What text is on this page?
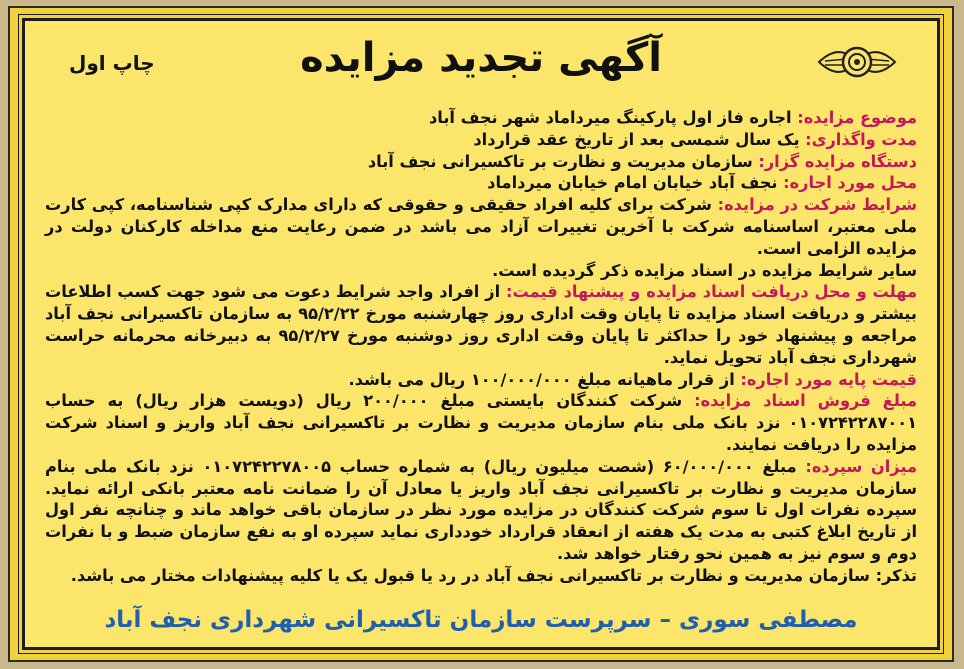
چاپ اول	آگهی تجدید مزایده

موضوع مزایده: اجاره فاز اول پارکینگ میرداماد شهر نجف آباد

مدت واگذاری: یک سال شمسی بعد از تاریخ عقد قرارداد

دستگاه مزایده گزار: سازمان مدیریت و نظارت بر تاکسیرانی نجف آباد

محل مورد اجاره: نجف آباد خیابان امام خیابان میرداماد

شرایط شرکت در مزایده: شرکت برای کلیه افراد حقیقی و حقوقی که دارای مدارک کپی شناسنامه، کپی کارت ملی معتبر، اساسنامه شرکت با آخرین تغییرات آزاد می باشد در ضمن رعایت منع مداخله کارکنان دولت در مزایده الزامی است.

سایر شرایط مزایده در اسناد مزایده ذکر گردیده است.

مهلت و محل دریافت اسناد مزایده و پیشنهاد قیمت: از افراد واجد شرایط دعوت می شود جهت کسب اطلاعات بیشتر و دریافت اسناد مزایده تا پایان وقت اداری روز چهارشنبه مورخ ۹۵/۲/۲۲ به سازمان تاکسیرانی نجف آباد مراجعه و پیشنهاد خود را حداکثر تا پایان وقت اداری روز دوشنبه مورخ ۹۵/۲/۲۷ به دبیرخانه محرمانه حراست شهرداری نجف آباد تحویل نماید.

قیمت پایه مورد اجاره: از قرار ماهیانه مبلغ ۱۰۰/۰۰۰/۰۰۰ ریال می باشد.

مبلغ فروش اسناد مزایده: شرکت کنندگان بایستی مبلغ ۲۰۰/۰۰۰ ریال (دویست هزار ریال) به حساب ۰۱۰۷۲۴۲۲۸۷۰۰۱ نزد بانک ملی بنام سازمان مدیریت و نظارت بر تاکسیرانی نجف آباد واریز و اسناد شرکت مزایده را دریافت نمایند.

میزان سپرده: مبلغ ۶۰/۰۰۰/۰۰۰ (شصت میلیون ریال) به شماره حساب ۰۱۰۷۲۴۲۲۷۸۰۰۵ نزد بانک ملی بنام سازمان مدیریت و نظارت بر تاکسیرانی نجف آباد واریز یا معادل آن را ضمانت نامه معتبر بانکی ارائه نماید. سپرده نفرات اول تا سوم شرکت کنندگان در مزایده مورد نظر در سازمان باقی خواهد ماند و چنانچه نفر اول از تاریخ ابلاغ کتبی به مدت یک هفته از انعقاد قرارداد خودداری نماید سپرده او به نفع سازمان ضبط و با نفرات دوم و سوم نیز به همین نحو رفتار خواهد شد.

تذکر: سازمان مدیریت و نظارت بر تاکسیرانی نجف آباد در رد یا قبول یک یا کلیه پیشنهادات مختار می باشد.

مصطفی سوری – سرپرست سازمان تاکسیرانی شهرداری نجف آباد
